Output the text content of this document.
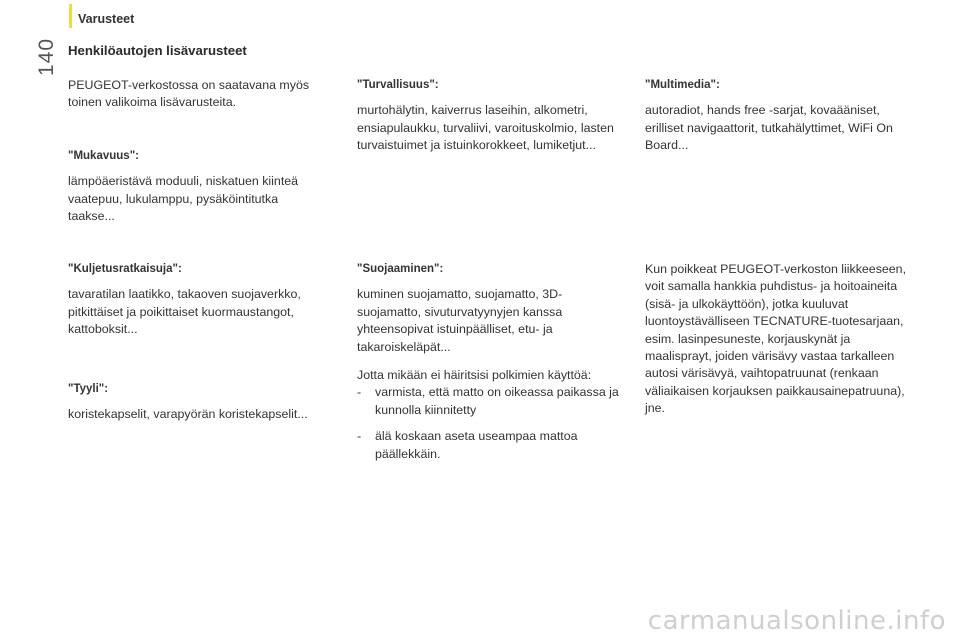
Varusteet
140 Henkilöautojen lisävarusteet

PEUGEOT-verkostossa on saatavana myös toinen valikoima lisävarusteita.

"Mukavuus":

lämpöäeristävä moduuli, niskatuen kiinteä vaatepuu, lukulamppu, pysäköintitutka taakse...

"Kuljetusratkaisuja":

tavaratilan laatikko, takaoven suojaverkko, pitkittäiset ja poikittaiset kuormaustangot, kattoboksit...

"Tyyli":

koristekapselit, varapyörän koristekapselit...

"Turvallisuus":

murtohälytin, kaiverrus laseihin, alkometri, ensiapulaukku, turvaliivi, varoituskolmio, lasten turvaistuimet ja istuinkorokkeet, lumiketjut...

"Suojaaminen":

kuminen suojamatto, suojamatto, 3D-suojamatto, sivuturvatyynyjen kanssa yhteensopivat istuinpäälliset, etu- ja takaroiskeläpät...

Jotta mikään ei häiritsisi polkimien käyttöä:

- varmista, että matto on oikeassa paikassa ja kunnolla kiinnitetty
- älä koskaan aseta useampaa mattoa päällekkäin.
"Multimedia":

autoradiot, hands free -sarjat, kovaääniset, erilliset navigaattorit, tutkahälyttimet, WiFi On Board...

Kun poikkeat PEUGEOT-verkoston liikkeeseen, voit samalla hankkia puhdistus- ja hoitoaineita (sisä- ja ulkokäyttöön), jotka kuuluvat luontoystävälliseen TECNATURE-tuotesarjaan, esim. lasinpesuneste, korjauskynät ja maalisprayt, joiden värisävy vastaa tarkalleen autosi värisävyä, vaihtopatruunat (renkaan väliaikaisen korjauksen paikkausainepatruuna), jne.

carmanualsonline.info
